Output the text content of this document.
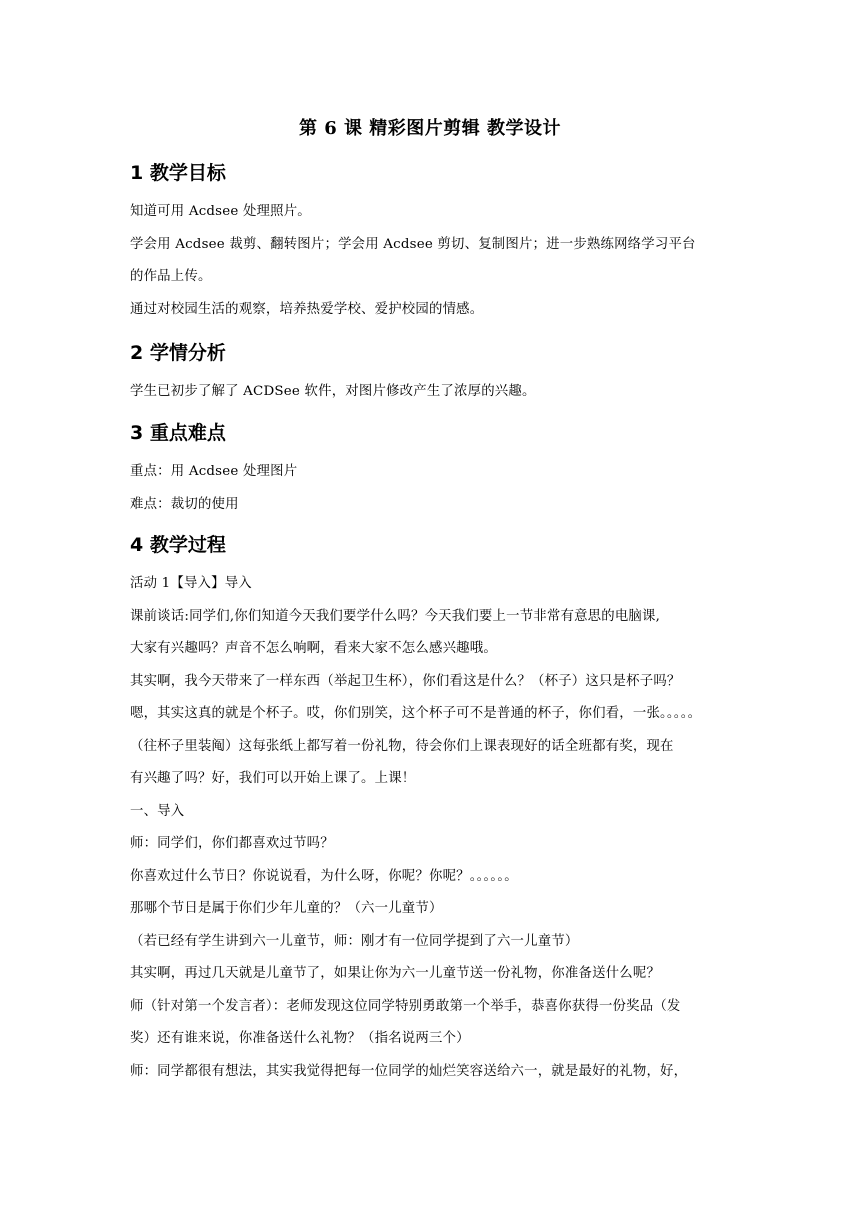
第 6 课 精彩图片剪辑 教学设计
1 教学目标

知道可用 Acdsee 处理照片。

学会用 Acdsee 裁剪、翻转图片；学会用 Acdsee 剪切、复制图片；进一步熟练网络学习平台

的作品上传。

通过对校园生活的观察，培养热爱学校、爱护校园的情感。

2 学情分析

学生已初步了解了 ACDSee 软件，对图片修改产生了浓厚的兴趣。

3 重点难点

重点：用 Acdsee 处理图片

难点：裁切的使用

4 教学过程

活动 1【导入】导入

课前谈话:同学们,你们知道今天我们要学什么吗？今天我们要上一节非常有意思的电脑课,

大家有兴趣吗？声音不怎么响啊，看来大家不怎么感兴趣哦。

其实啊，我今天带来了一样东西（举起卫生杯），你们看这是什么？（杯子）这只是杯子吗？

嗯，其实这真的就是个杯子。哎，你们别笑，这个杯子可不是普通的杯子，你们看，一张。。。。。

（往杯子里装阄）这每张纸上都写着一份礼物，待会你们上课表现好的话全班都有奖，现在

有兴趣了吗？好，我们可以开始上课了。上课！

一、导入

师：同学们，你们都喜欢过节吗？

你喜欢过什么节日？你说说看，为什么呀，你呢？你呢？。。。。。。

那哪个节日是属于你们少年儿童的？（六一儿童节）

（若已经有学生讲到六一儿童节，师：刚才有一位同学提到了六一儿童节）

其实啊，再过几天就是儿童节了，如果让你为六一儿童节送一份礼物，你准备送什么呢？

师（针对第一个发言者）：老师发现这位同学特别勇敢第一个举手，恭喜你获得一份奖品（发

奖）还有谁来说，你准备送什么礼物？（指名说两三个）

师：同学都很有想法，其实我觉得把每一位同学的灿烂笑容送给六一，就是最好的礼物，好，
